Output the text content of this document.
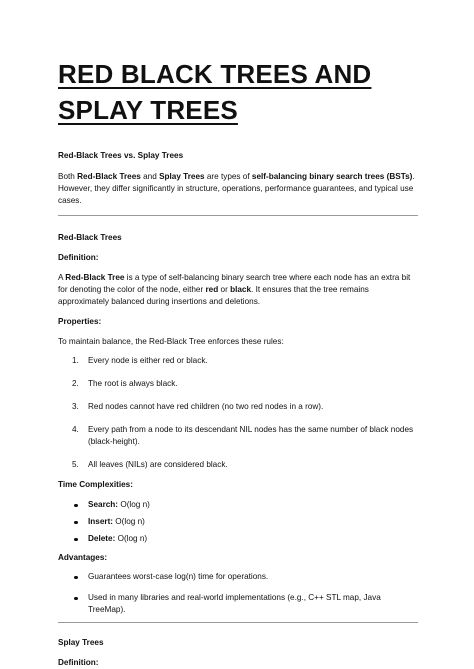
RED BLACK TREES AND SPLAY TREES

Red-Black Trees vs. Splay Trees

Both Red-Black Trees and Splay Trees are types of self-balancing binary search trees (BSTs). However, they differ significantly in structure, operations, performance guarantees, and typical use cases.

Red-Black Trees

Definition:

A Red-Black Tree is a type of self-balancing binary search tree where each node has an extra bit for denoting the color of the node, either red or black. It ensures that the tree remains approximately balanced during insertions and deletions.

Properties:

To maintain balance, the Red-Black Tree enforces these rules:

1. Every node is either red or black.
2. The root is always black.
3. Red nodes cannot have red children (no two red nodes in a row).
4. Every path from a node to its descendant NIL nodes has the same number of black nodes (black-height).
5. All leaves (NILs) are considered black.

Time Complexities:

Search: O(log n)
Insert: O(log n)
Delete: O(log n)

Advantages:

Guarantees worst-case log(n) time for operations.
Used in many libraries and real-world implementations (e.g., C++ STL map, Java TreeMap).

Splay Trees

Definition:
